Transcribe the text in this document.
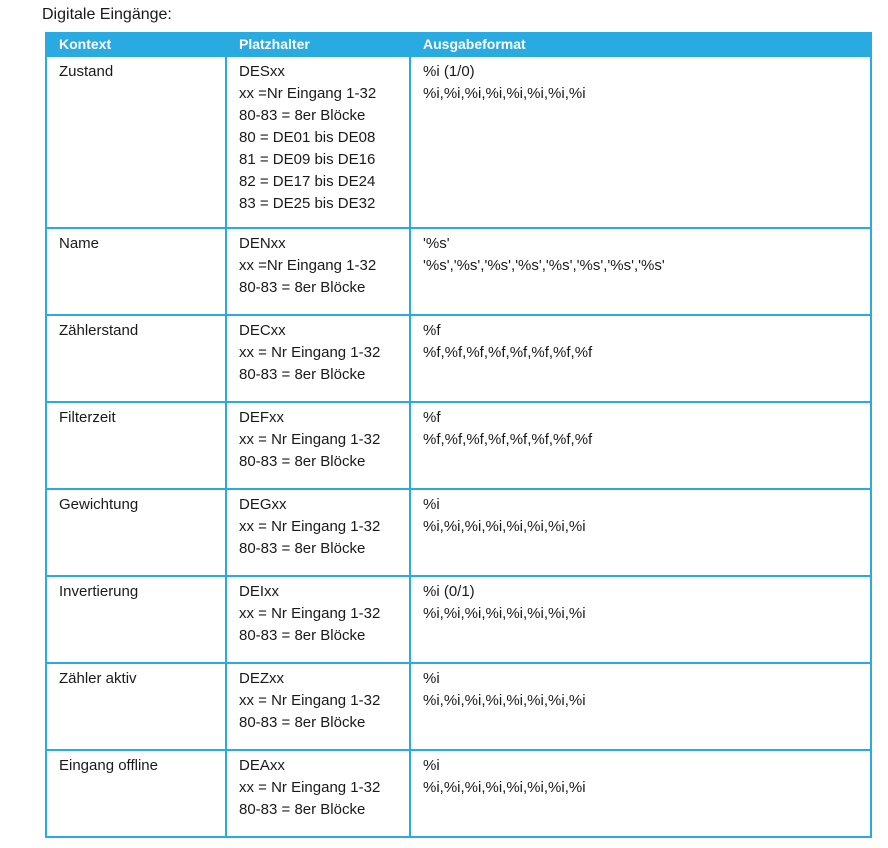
Digitale Eingänge:
Kontext	Platzhalter	Ausgabeformat

Zustand	DESxx
xx =Nr Eingang 1-32
80-83 = 8er Blöcke
80 = DE01 bis DE08
81 = DE09 bis DE16
82 = DE17 bis DE24
83 = DE25 bis DE32

%i (1/0)
%i,%i,%i,%i,%i,%i,%i,%i

Name	DENxx
xx =Nr Eingang 1-32
80-83 = 8er Blöcke

'%s'
'%s','%s','%s','%s','%s','%s','%s','%s'

Zählerstand	DECxx
xx = Nr Eingang 1-32
80-83 = 8er Blöcke

%f
%f,%f,%f,%f,%f,%f,%f,%f

Filterzeit	DEFxx
xx = Nr Eingang 1-32
80-83 = 8er Blöcke

%f
%f,%f,%f,%f,%f,%f,%f,%f

Gewichtung	DEGxx
xx = Nr Eingang 1-32
80-83 = 8er Blöcke

%i
%i,%i,%i,%i,%i,%i,%i,%i

Invertierung	DEIxx
xx = Nr Eingang 1-32
80-83 = 8er Blöcke

%i (0/1)
%i,%i,%i,%i,%i,%i,%i,%i

Zähler aktiv	DEZxx
xx = Nr Eingang 1-32
80-83 = 8er Blöcke

%i
%i,%i,%i,%i,%i,%i,%i,%i

Eingang offline	DEAxx
xx = Nr Eingang 1-32
80-83 = 8er Blöcke

%i
%i,%i,%i,%i,%i,%i,%i,%i
